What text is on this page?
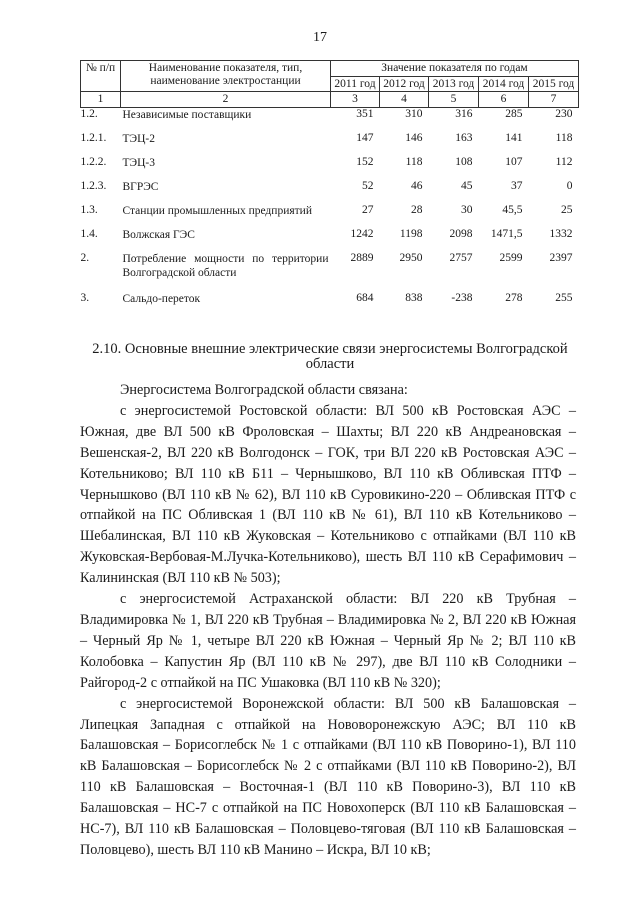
17
№ п/п	Наименование показателя, тип, наименование электростанции	Значение показателя по годам				
		2011 год	2012 год	2013 год	2014 год	2015 год
1	2	3	4	5	6	7
1.2.	Независимые поставщики	351	310	316	285	230
1.2.1.	ТЭЦ-2	147	146	163	141	118
1.2.2.	ТЭЦ-3	152	118	108	107	112
1.2.3.	ВГРЭС	52	46	45	37	0
1.3.	Станции промышленных предприятий	27	28	30	45,5	25
1.4.	Волжская ГЭС	1242	1198	2098	1471,5	1332
2.	Потребление мощности по территории Волгоградской области	2889	2950	2757	2599	2397
3.	Сальдо-переток	684	838	-238	278	255
2.10. Основные внешние электрические связи энергосистемы Волгоградской области

Энергосистема Волгоградской области связана:

с энергосистемой Ростовской области: ВЛ 500 кВ Ростовская АЭС – Южная, две ВЛ 500 кВ Фроловская – Шахты; ВЛ 220 кВ Андреановская – Вешенская-2, ВЛ 220 кВ Волгодонск – ГОК, три ВЛ 220 кВ Ростовская АЭС – Котельниково; ВЛ 110 кВ Б11 – Чернышково, ВЛ 110 кВ Обливская ПТФ – Чернышково (ВЛ 110 кВ № 62), ВЛ 110 кВ Суровикино-220 – Обливская ПТФ с отпайкой на ПС Обливская 1 (ВЛ 110 кВ № 61), ВЛ 110 кВ Котельниково – Шебалинская, ВЛ 110 кВ Жуковская – Котельниково с отпайками (ВЛ 110 кВ Жуковская-Вербовая-М.Лучка-Котельниково), шесть ВЛ 110 кВ Серафимович – Калининская (ВЛ 110 кВ № 503);

с энергосистемой Астраханской области: ВЛ 220 кВ Трубная – Владимировка № 1, ВЛ 220 кВ Трубная – Владимировка № 2, ВЛ 220 кВ Южная – Черный Яр № 1, четыре ВЛ 220 кВ Южная – Черный Яр № 2; ВЛ 110 кВ Колобовка – Капустин Яр (ВЛ 110 кВ № 297), две ВЛ 110 кВ Солодники – Райгород-2 с отпайкой на ПС Ушаковка (ВЛ 110 кВ № 320);

с энергосистемой Воронежской области: ВЛ 500 кВ Балашовская – Липецкая Западная с отпайкой на Нововоронежскую АЭС; ВЛ 110 кВ Балашовская – Борисоглебск № 1 с отпайками (ВЛ 110 кВ Поворино-1), ВЛ 110 кВ Балашовская – Борисоглебск № 2 с отпайками (ВЛ 110 кВ Поворино-2), ВЛ 110 кВ Балашовская – Восточная-1 (ВЛ 110 кВ Поворино-3), ВЛ 110 кВ Балашовская – НС-7 с отпайкой на ПС Новохоперск (ВЛ 110 кВ Балашовская – НС-7), ВЛ 110 кВ Балашовская – Половцево-тяговая (ВЛ 110 кВ Балашовская – Половцево), шесть ВЛ 110 кВ Манино – Искра, ВЛ 10 кВ;
